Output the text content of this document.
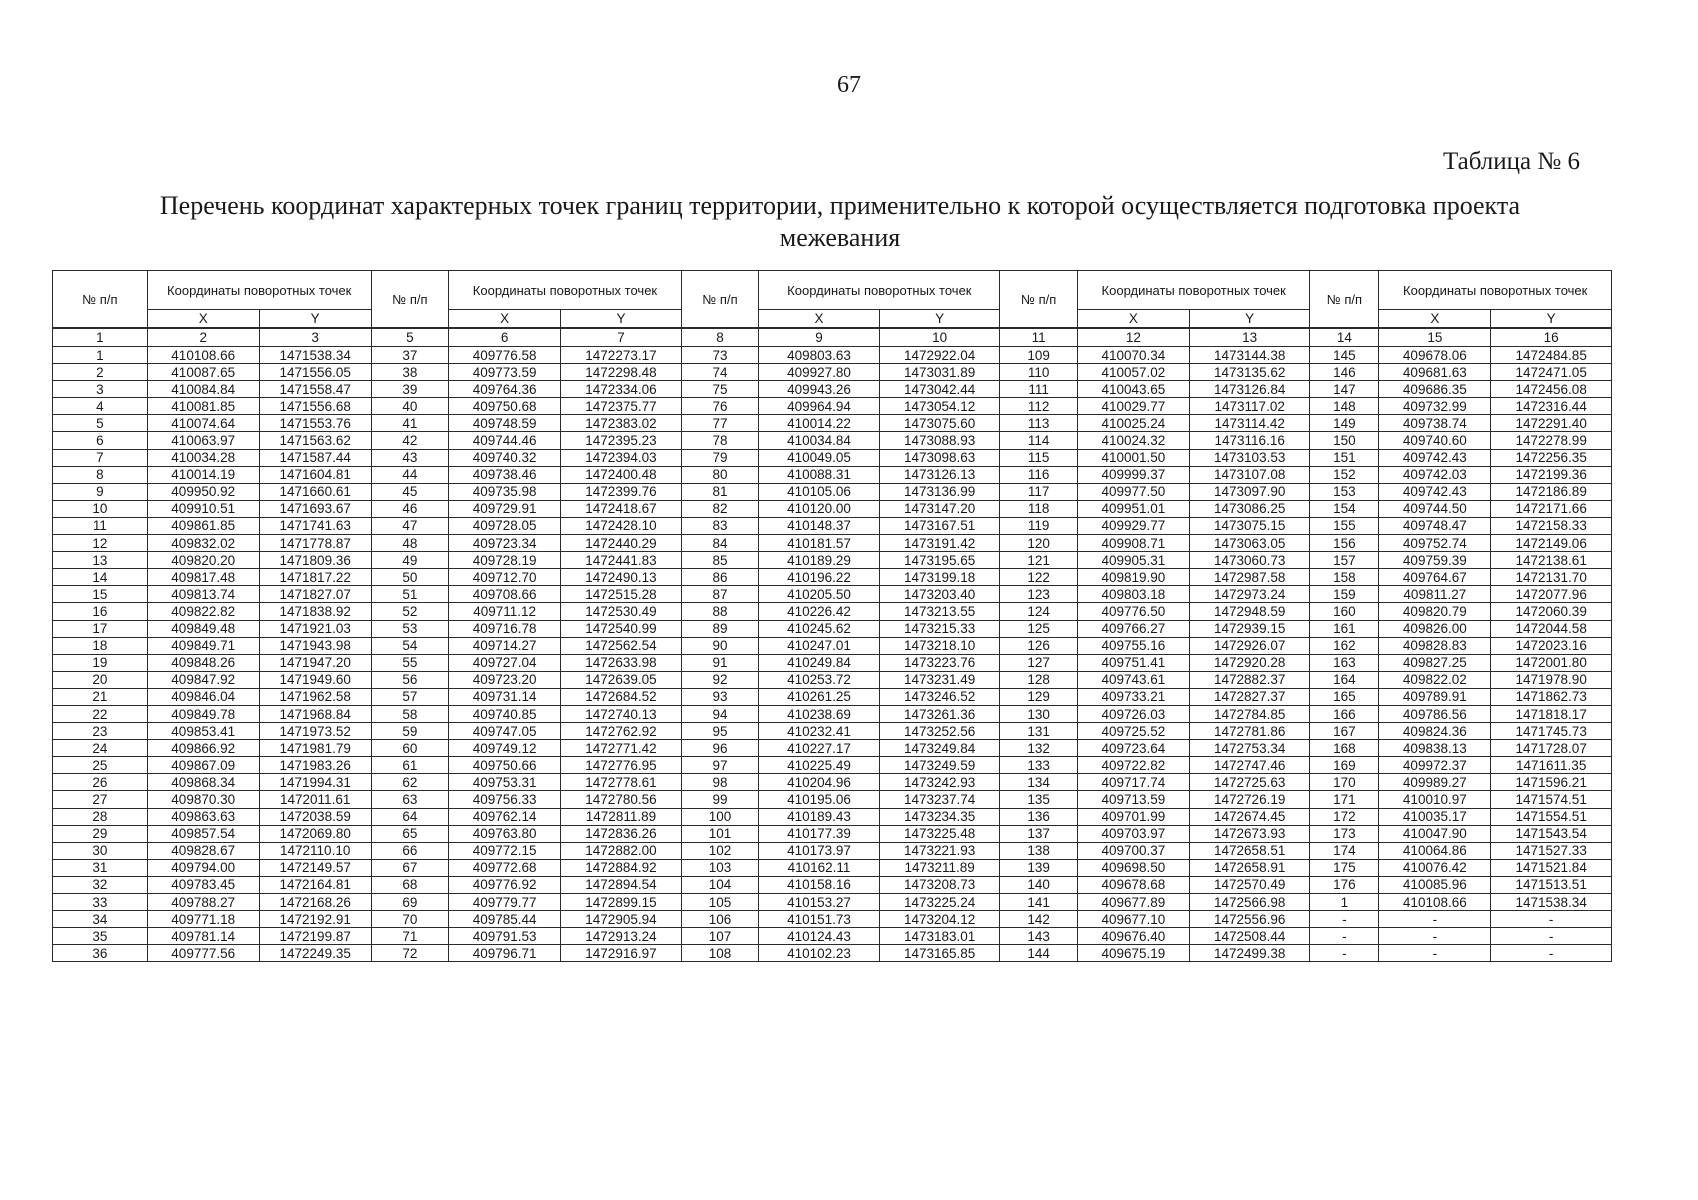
67
Таблица № 6
Перечень координат характерных точек границ территории, применительно к которой осуществляется подготовка проекта межевания
№ п/п	Координаты поворотных точек		№ п/п	Координаты поворотных точек		№ п/п	Координаты поворотных точек		№ п/п	Координаты поворотных точек		№ п/п	Координаты поворотных точек	
	X	Y		X	Y		X	Y		X	Y		X	Y
1	2	3	5	6	7	8	9	10	11	12	13	14	15	16
1	410108.66	1471538.34	37	409776.58	1472273.17	73	409803.63	1472922.04	109	410070.34	1473144.38	145	409678.06	1472484.85
2	410087.65	1471556.05	38	409773.59	1472298.48	74	409927.80	1473031.89	110	410057.02	1473135.62	146	409681.63	1472471.05
3	410084.84	1471558.47	39	409764.36	1472334.06	75	409943.26	1473042.44	111	410043.65	1473126.84	147	409686.35	1472456.08
4	410081.85	1471556.68	40	409750.68	1472375.77	76	409964.94	1473054.12	112	410029.77	1473117.02	148	409732.99	1472316.44
5	410074.64	1471553.76	41	409748.59	1472383.02	77	410014.22	1473075.60	113	410025.24	1473114.42	149	409738.74	1472291.40
6	410063.97	1471563.62	42	409744.46	1472395.23	78	410034.84	1473088.93	114	410024.32	1473116.16	150	409740.60	1472278.99
7	410034.28	1471587.44	43	409740.32	1472394.03	79	410049.05	1473098.63	115	410001.50	1473103.53	151	409742.43	1472256.35
8	410014.19	1471604.81	44	409738.46	1472400.48	80	410088.31	1473126.13	116	409999.37	1473107.08	152	409742.03	1472199.36
9	409950.92	1471660.61	45	409735.98	1472399.76	81	410105.06	1473136.99	117	409977.50	1473097.90	153	409742.43	1472186.89
10	409910.51	1471693.67	46	409729.91	1472418.67	82	410120.00	1473147.20	118	409951.01	1473086.25	154	409744.50	1472171.66
11	409861.85	1471741.63	47	409728.05	1472428.10	83	410148.37	1473167.51	119	409929.77	1473075.15	155	409748.47	1472158.33
12	409832.02	1471778.87	48	409723.34	1472440.29	84	410181.57	1473191.42	120	409908.71	1473063.05	156	409752.74	1472149.06
13	409820.20	1471809.36	49	409728.19	1472441.83	85	410189.29	1473195.65	121	409905.31	1473060.73	157	409759.39	1472138.61
14	409817.48	1471817.22	50	409712.70	1472490.13	86	410196.22	1473199.18	122	409819.90	1472987.58	158	409764.67	1472131.70
15	409813.74	1471827.07	51	409708.66	1472515.28	87	410205.50	1473203.40	123	409803.18	1472973.24	159	409811.27	1472077.96
16	409822.82	1471838.92	52	409711.12	1472530.49	88	410226.42	1473213.55	124	409776.50	1472948.59	160	409820.79	1472060.39
17	409849.48	1471921.03	53	409716.78	1472540.99	89	410245.62	1473215.33	125	409766.27	1472939.15	161	409826.00	1472044.58
18	409849.71	1471943.98	54	409714.27	1472562.54	90	410247.01	1473218.10	126	409755.16	1472926.07	162	409828.83	1472023.16
19	409848.26	1471947.20	55	409727.04	1472633.98	91	410249.84	1473223.76	127	409751.41	1472920.28	163	409827.25	1472001.80
20	409847.92	1471949.60	56	409723.20	1472639.05	92	410253.72	1473231.49	128	409743.61	1472882.37	164	409822.02	1471978.90
21	409846.04	1471962.58	57	409731.14	1472684.52	93	410261.25	1473246.52	129	409733.21	1472827.37	165	409789.91	1471862.73
22	409849.78	1471968.84	58	409740.85	1472740.13	94	410238.69	1473261.36	130	409726.03	1472784.85	166	409786.56	1471818.17
23	409853.41	1471973.52	59	409747.05	1472762.92	95	410232.41	1473252.56	131	409725.52	1472781.86	167	409824.36	1471745.73
24	409866.92	1471981.79	60	409749.12	1472771.42	96	410227.17	1473249.84	132	409723.64	1472753.34	168	409838.13	1471728.07
25	409867.09	1471983.26	61	409750.66	1472776.95	97	410225.49	1473249.59	133	409722.82	1472747.46	169	409972.37	1471611.35
26	409868.34	1471994.31	62	409753.31	1472778.61	98	410204.96	1473242.93	134	409717.74	1472725.63	170	409989.27	1471596.21
27	409870.30	1472011.61	63	409756.33	1472780.56	99	410195.06	1473237.74	135	409713.59	1472726.19	171	410010.97	1471574.51
28	409863.63	1472038.59	64	409762.14	1472811.89	100	410189.43	1473234.35	136	409701.99	1472674.45	172	410035.17	1471554.51
29	409857.54	1472069.80	65	409763.80	1472836.26	101	410177.39	1473225.48	137	409703.97	1472673.93	173	410047.90	1471543.54
30	409828.67	1472110.10	66	409772.15	1472882.00	102	410173.97	1473221.93	138	409700.37	1472658.51	174	410064.86	1471527.33
31	409794.00	1472149.57	67	409772.68	1472884.92	103	410162.11	1473211.89	139	409698.50	1472658.91	175	410076.42	1471521.84
32	409783.45	1472164.81	68	409776.92	1472894.54	104	410158.16	1473208.73	140	409678.68	1472570.49	176	410085.96	1471513.51
33	409788.27	1472168.26	69	409779.77	1472899.15	105	410153.27	1473225.24	141	409677.89	1472566.98	1	410108.66	1471538.34
34	409771.18	1472192.91	70	409785.44	1472905.94	106	410151.73	1473204.12	142	409677.10	1472556.96	-	-	-
35	409781.14	1472199.87	71	409791.53	1472913.24	107	410124.43	1473183.01	143	409676.40	1472508.44	-	-	-
36	409777.56	1472249.35	72	409796.71	1472916.97	108	410102.23	1473165.85	144	409675.19	1472499.38	-	-	-
